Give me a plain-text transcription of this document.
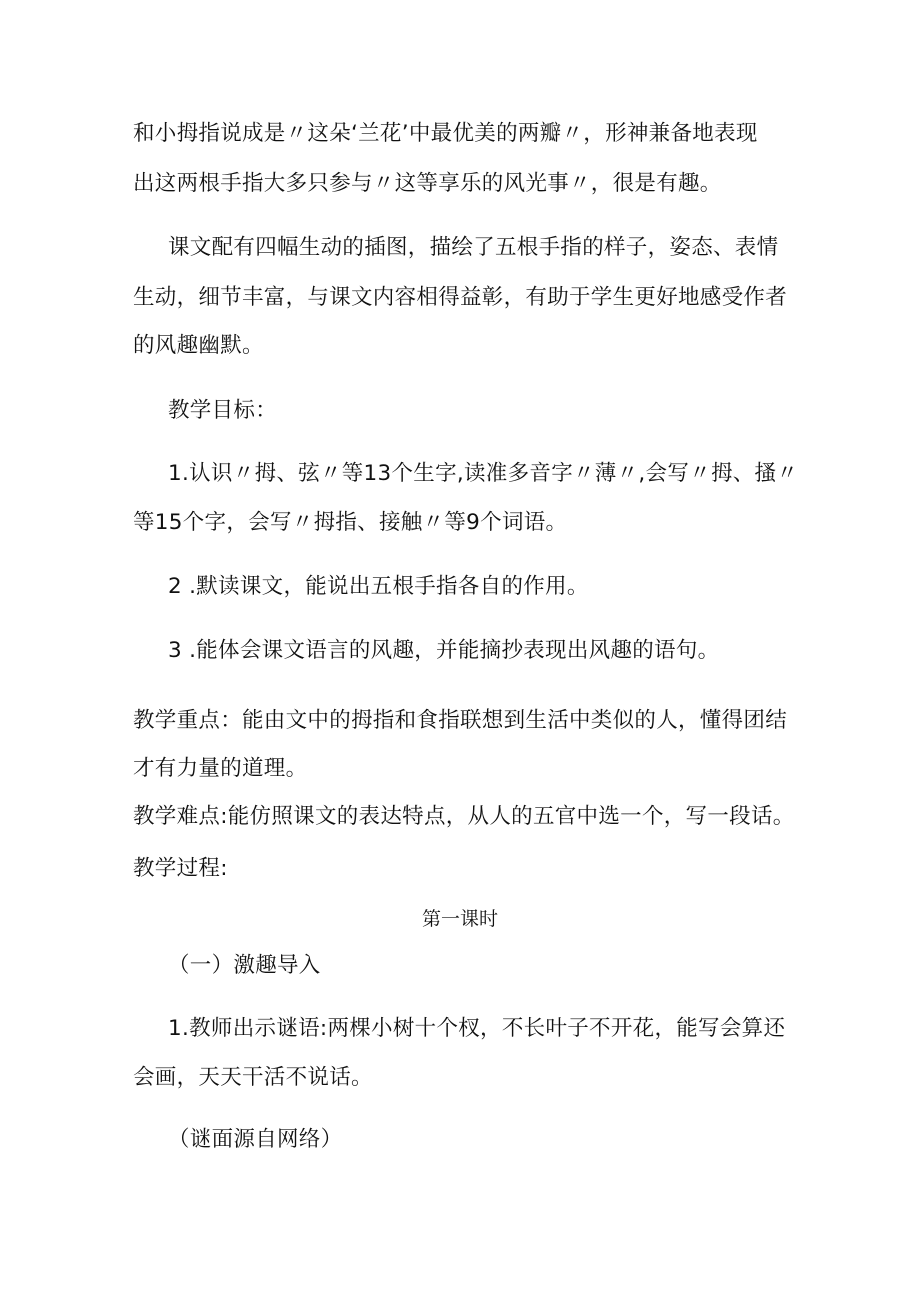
和小拇指说成是〃这朵‘兰花’中最优美的两瓣〃，形神兼备地表现
出这两根手指大多只参与〃这等享乐的风光事〃，很是有趣。
课文配有四幅生动的插图，描绘了五根手指的样子，姿态、表情
生动，细节丰富，与课文内容相得益彰，有助于学生更好地感受作者
的风趣幽默。
教学目标：
1.认识〃拇、弦〃等13个生字,读准多音字〃薄〃,会写〃拇、搔〃
等15个字，会写〃拇指、接触〃等9个词语。
2 .默读课文，能说出五根手指各自的作用。
3 .能体会课文语言的风趣，并能摘抄表现出风趣的语句。
教学重点：能由文中的拇指和食指联想到生活中类似的人，懂得团结
才有力量的道理。
教学难点:能仿照课文的表达特点，从人的五官中选一个，写一段话。
教学过程:
第一课时
（一）激趣导入
1.教师出示谜语:两棵小树十个杈，不长叶子不开花，能写会算还
会画，天天干活不说话。
（谜面源自网络）
